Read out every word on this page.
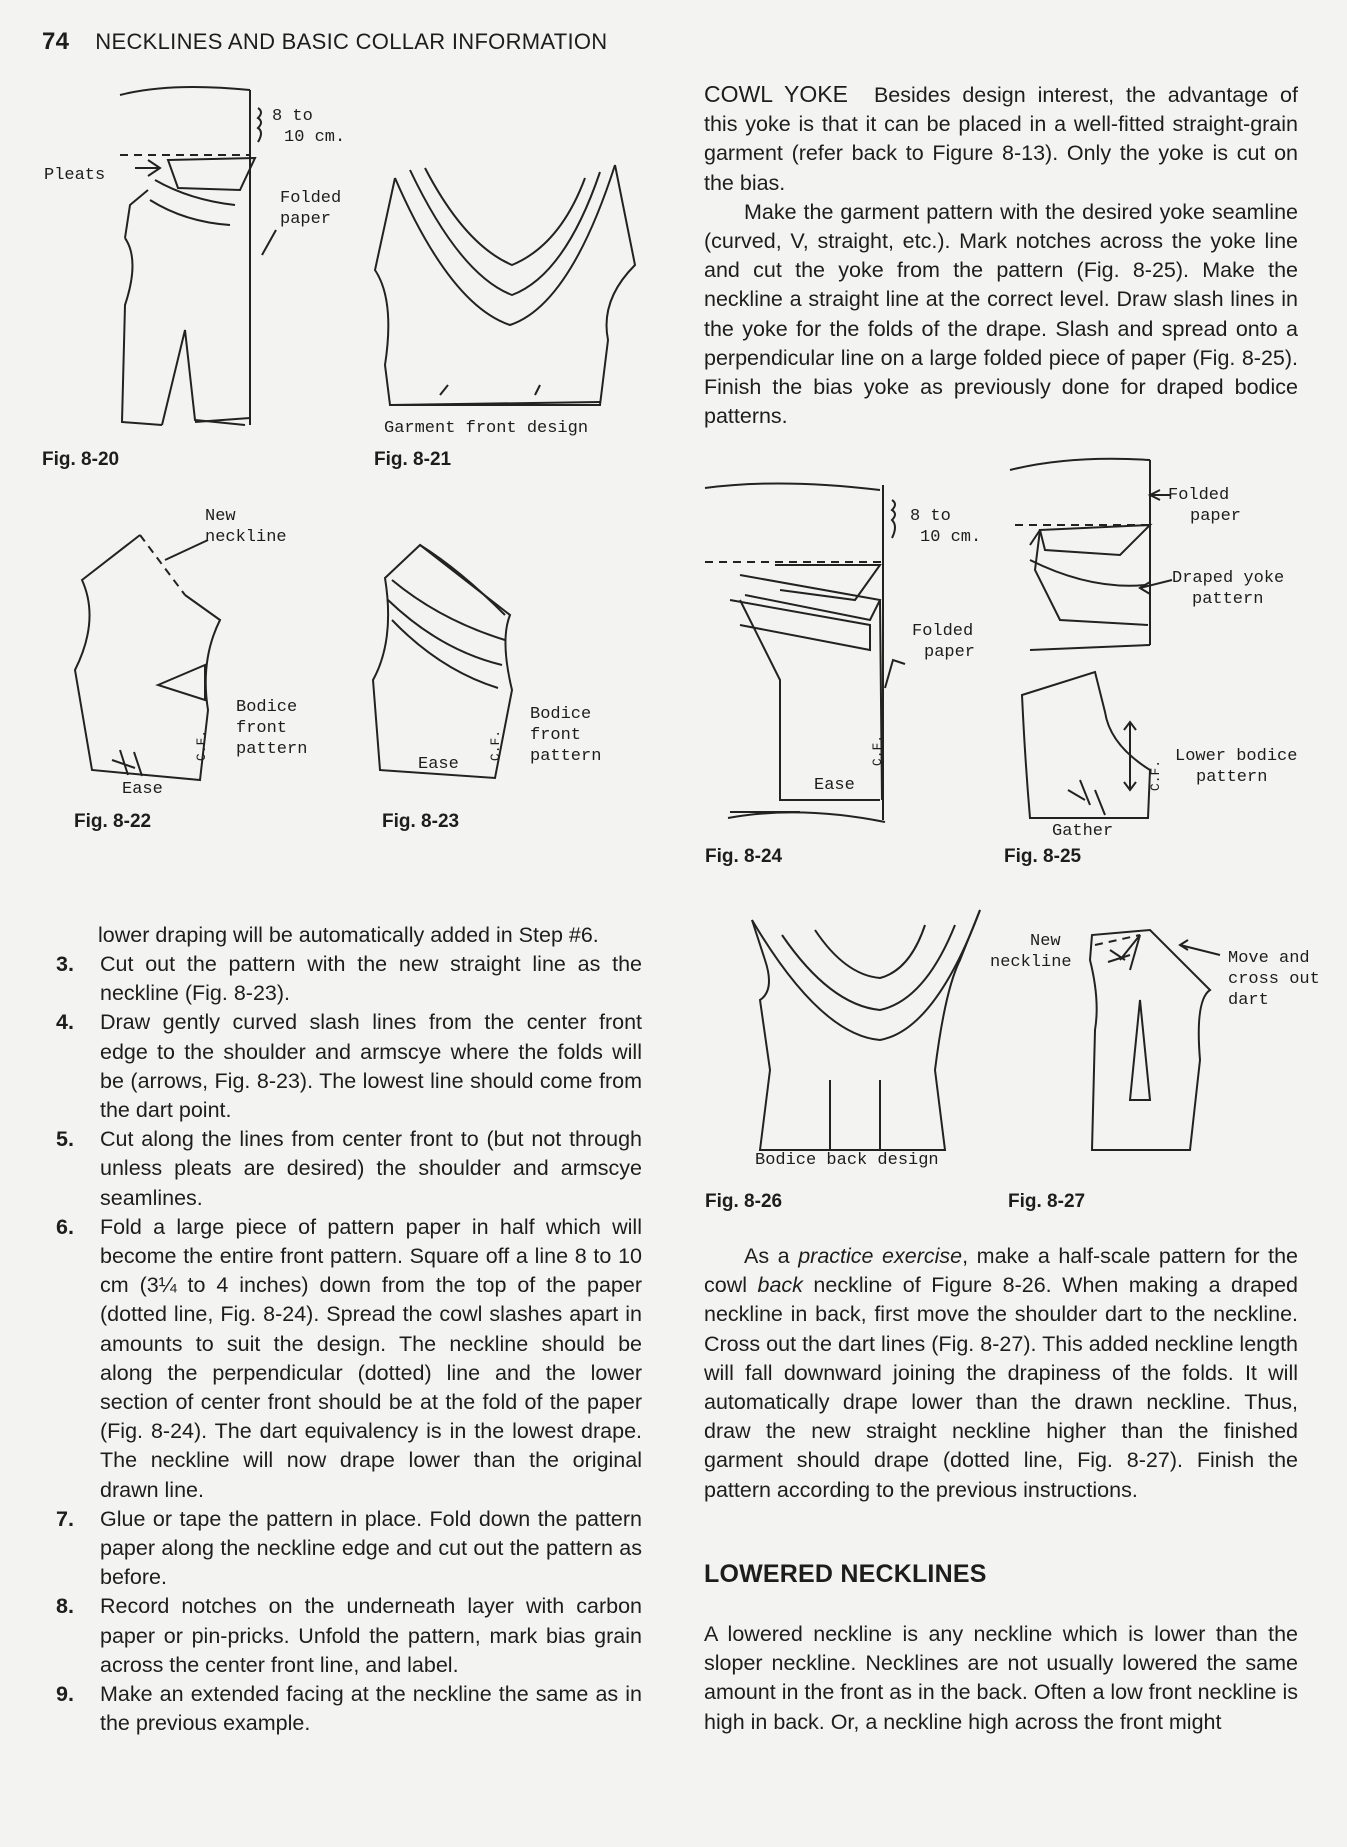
74 NECKLINES AND BASIC COLLAR INFORMATION
8 to
10 cm.
Pleats
Folded
paper
Fig. 8-20
Garment front design
Fig. 8-21
New
neckline
Bodice
front
pattern
Ease
C.F.
Fig. 8-22
Bodice
front
pattern
Ease
C.F.
Fig. 8-23

COWL YOKE Besides design interest, the advantage of this yoke is that it can be placed in a well-fitted straight-grain garment (refer back to Figure 8-13). Only the yoke is cut on the bias.

Make the garment pattern with the desired yoke seamline (curved, V, straight, etc.). Mark notches across the yoke line and cut the yoke from the pattern (Fig. 8-25). Make the neckline a straight line at the correct level. Draw slash lines in the yoke for the folds of the drape. Slash and spread onto a perpendicular line on a large folded piece of paper (Fig. 8-25). Finish the bias yoke as previously done for draped bodice patterns.

8 to
10 cm.
Folded
paper
Ease
C.F.
Fig. 8-24
Folded
paper
Draped yoke
pattern
Lower bodice
pattern
Gather
C.F.
Fig. 8-25
Bodice back design
Fig. 8-26
New
neckline	Move and
cross out
dart
Fig. 8-27
lower draping will be automatically added in Step #6.
3. Cut out the pattern with the new straight line as the neckline (Fig. 8-23).
4. Draw gently curved slash lines from the center front edge to the shoulder and armscye where the folds will be (arrows, Fig. 8-23). The lowest line should come from the dart point.
5. Cut along the lines from center front to (but not through unless pleats are desired) the shoulder and armscye seamlines.
6. Fold a large piece of pattern paper in half which will become the entire front pattern. Square off a line 8 to 10 cm (3¼ to 4 inches) down from the top of the paper (dotted line, Fig. 8-24). Spread the cowl slashes apart in amounts to suit the design. The neckline should be along the perpendicular (dotted) line and the lower section of center front should be at the fold of the paper (Fig. 8-24). The dart equivalency is in the lowest drape. The neckline will now drape lower than the original drawn line.
7. Glue or tape the pattern in place. Fold down the pattern paper along the neckline edge and cut out the pattern as before.
8. Record notches on the underneath layer with carbon paper or pin-pricks. Unfold the pattern, mark bias grain across the center front line, and label.
9. Make an extended facing at the neckline the same as in the previous example.

As a practice exercise, make a half-scale pattern for the cowl back neckline of Figure 8-26. When making a draped neckline in back, first move the shoulder dart to the neckline. Cross out the dart lines (Fig. 8-27). This added neckline length will fall downward joining the drapiness of the folds. It will automatically drape lower than the drawn neckline. Thus, draw the new straight neckline higher than the finished garment should drape (dotted line, Fig. 8-27). Finish the pattern according to the previous instructions.

LOWERED NECKLINES
A lowered neckline is any neckline which is lower than the sloper neckline. Necklines are not usually lowered the same amount in the front as in the back. Often a low front neckline is high in back. Or, a neckline high across the front might
